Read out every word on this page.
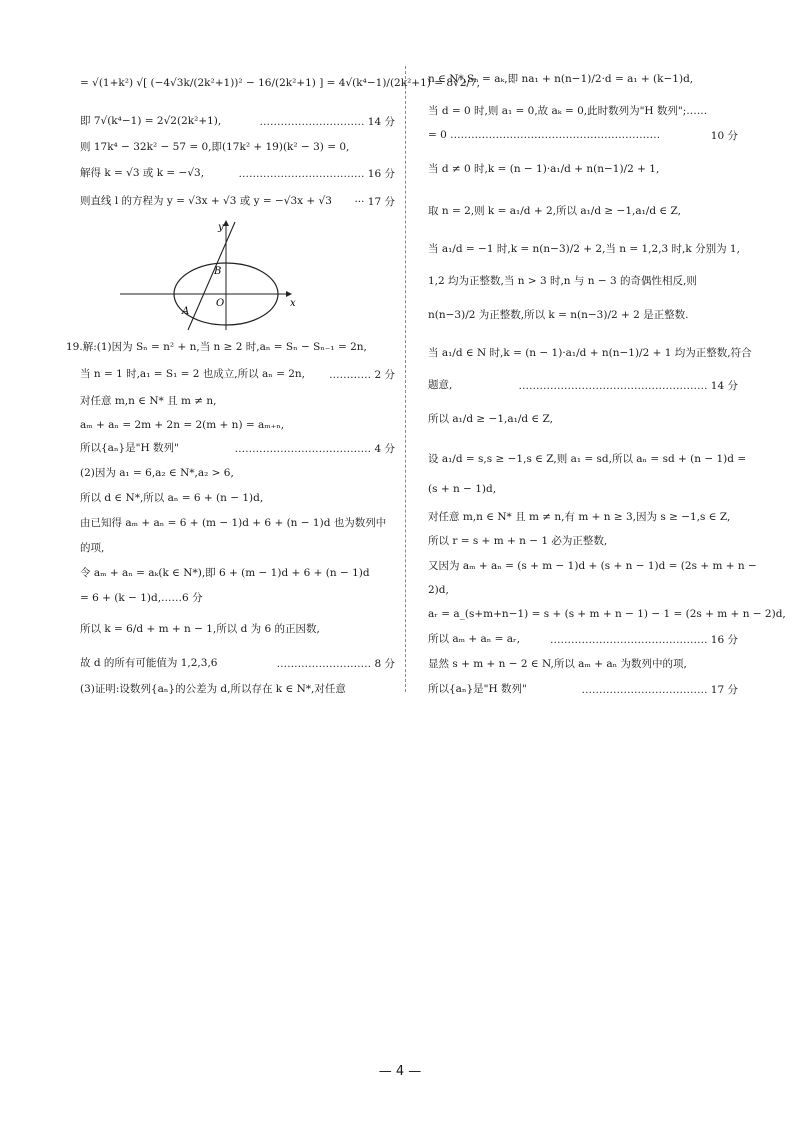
= √(1+k²) √[ (−4√3k/(2k²+1))² − 16/(2k²+1) ] = 4√(k⁴−1)/(2k²+1) = 8√2/7,
即 7√(k⁴−1) = 2√2(2k²+1),	………………………… 14 分
则 17k⁴ − 32k² − 57 = 0,即(17k² + 19)(k² − 3) = 0,
解得 k = √3 或 k = −√3,	……………………………… 16 分
则直线 l 的方程为 y = √3x + √3 或 y = −√3x + √3 ··· 17 分
19.解:(1)因为 Sₙ = n² + n,当 n ≥ 2 时,aₙ = Sₙ − Sₙ₋₁ = 2n,
当 n = 1 时,a₁ = S₁ = 2 也成立,所以 aₙ = 2n, ………… 2 分
对任意 m,n ∈ N* 且 m ≠ n,
aₘ + aₙ = 2m + 2n = 2(m + n) = aₘ₊ₙ,
所以{aₙ}是"H 数列"	………………………………… 4 分
(2)因为 a₁ = 6,a₂ ∈ N*,a₂ > 6,
所以 d ∈ N*,所以 aₙ = 6 + (n − 1)d,
由已知得 aₘ + aₙ = 6 + (m − 1)d + 6 + (n − 1)d 也为数列中
的项,
令 aₘ + aₙ = aₖ(k ∈ N*),即 6 + (m − 1)d + 6 + (n − 1)d
= 6 + (k − 1)d,……6 分
所以 k = 6/d + m + n − 1,所以 d 为 6 的正因数,
故 d 的所有可能值为 1,2,3,6	……………………… 8 分
(3)证明:设数列{aₙ}的公差为 d,所以存在 k ∈ N*,对任意
y
x
O
A
B
n ∈ N*,Sₙ = aₖ,即 na₁ + n(n−1)/2·d = a₁ + (k−1)d,
当 d = 0 时,则 a₁ = 0,故 aₖ = 0,此时数列为"H 数列";……
= 0 ……………………………………………………	10 分
当 d ≠ 0 时,k = (n − 1)·a₁/d + n(n−1)/2 + 1,
取 n = 2,则 k = a₁/d + 2,所以 a₁/d ≥ −1,a₁/d ∈ Z,
当 a₁/d = −1 时,k = n(n−3)/2 + 2,当 n = 1,2,3 时,k 分别为 1,
1,2 均为正整数,当 n > 3 时,n 与 n − 3 的奇偶性相反,则
n(n−3)/2 为正整数,所以 k = n(n−3)/2 + 2 是正整数.
当 a₁/d ∈ N 时,k = (n − 1)·a₁/d + n(n−1)/2 + 1 均为正整数,符合
题意,	……………………………………………… 14 分
所以 a₁/d ≥ −1,a₁/d ∈ Z,
设 a₁/d = s,s ≥ −1,s ∈ Z,则 a₁ = sd,所以 aₙ = sd + (n − 1)d =
(s + n − 1)d,
对任意 m,n ∈ N* 且 m ≠ n,有 m + n ≥ 3,因为 s ≥ −1,s ∈ Z,
所以 r = s + m + n − 1 必为正整数,
又因为 aₘ + aₙ = (s + m − 1)d + (s + n − 1)d = (2s + m + n −
2)d,
aᵣ = a_(s+m+n−1) = s + (s + m + n − 1) − 1 = (2s + m + n − 2)d,
所以 aₘ + aₙ = aᵣ,	……………………………………… 16 分
显然 s + m + n − 2 ∈ N,所以 aₘ + aₙ 为数列中的项,
所以{aₙ}是"H 数列"	……………………………… 17 分
— 4 —
